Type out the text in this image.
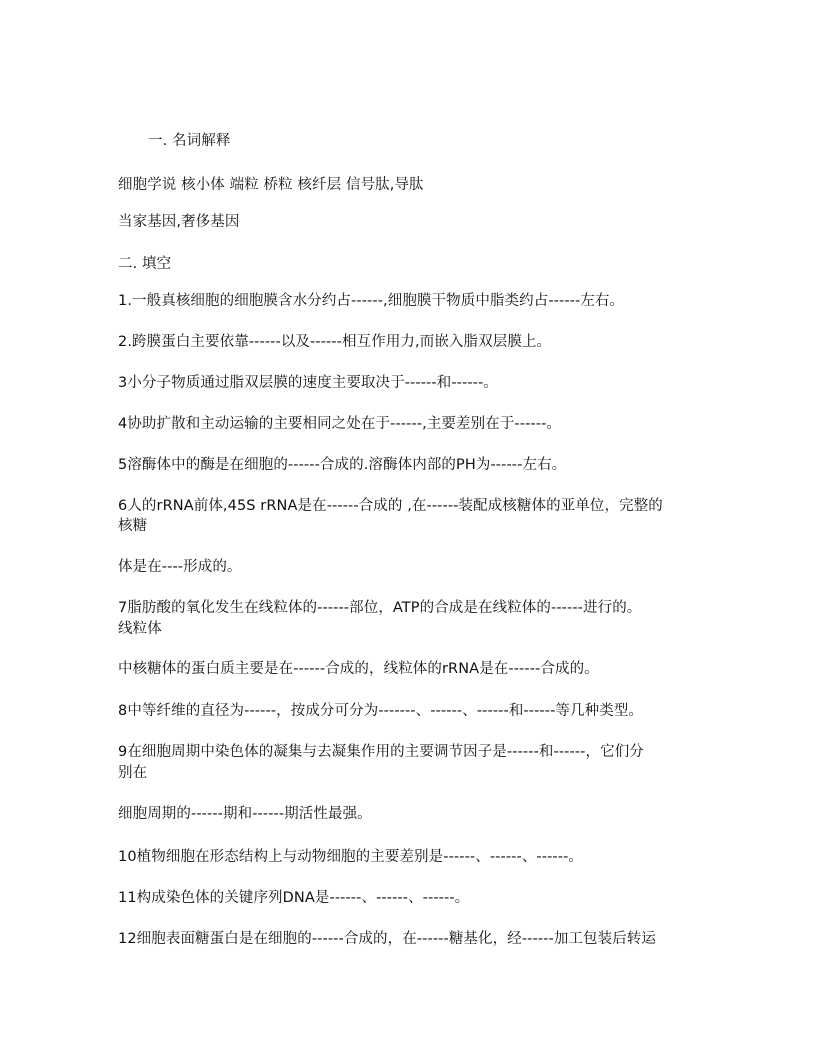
一. 名词解释
细胞学说 核小体 端粒 桥粒 核纤层 信号肽,导肽
当家基因,奢侈基因
二. 填空
1.一般真核细胞的细胞膜含水分约占------,细胞膜干物质中脂类约占------左右。
2.跨膜蛋白主要依靠------以及------相互作用力,而嵌入脂双层膜上。
3小分子物质通过脂双层膜的速度主要取决于------和------。
4协助扩散和主动运输的主要相同之处在于------,主要差别在于------。
5溶酶体中的酶是在细胞的------合成的.溶酶体内部的PH为------左右。
6人的rRNA前体,45S rRNA是在------合成的 ,在------装配成核糖体的亚单位，完整的
核糖
体是在----形成的。
7脂肪酸的氧化发生在线粒体的------部位，ATP的合成是在线粒体的------进行的。
线粒体
中核糖体的蛋白质主要是在------合成的，线粒体的rRNA是在------合成的。
8中等纤维的直径为------，按成分可分为-------、------、------和------等几种类型。
9在细胞周期中染色体的凝集与去凝集作用的主要调节因子是------和------，它们分
别在
细胞周期的------期和------期活性最强。
10植物细胞在形态结构上与动物细胞的主要差别是------、------、------。
11构成染色体的关键序列DNA是------、------、------。
12细胞表面糖蛋白是在细胞的------合成的，在------糖基化，经------加工包装后转运
